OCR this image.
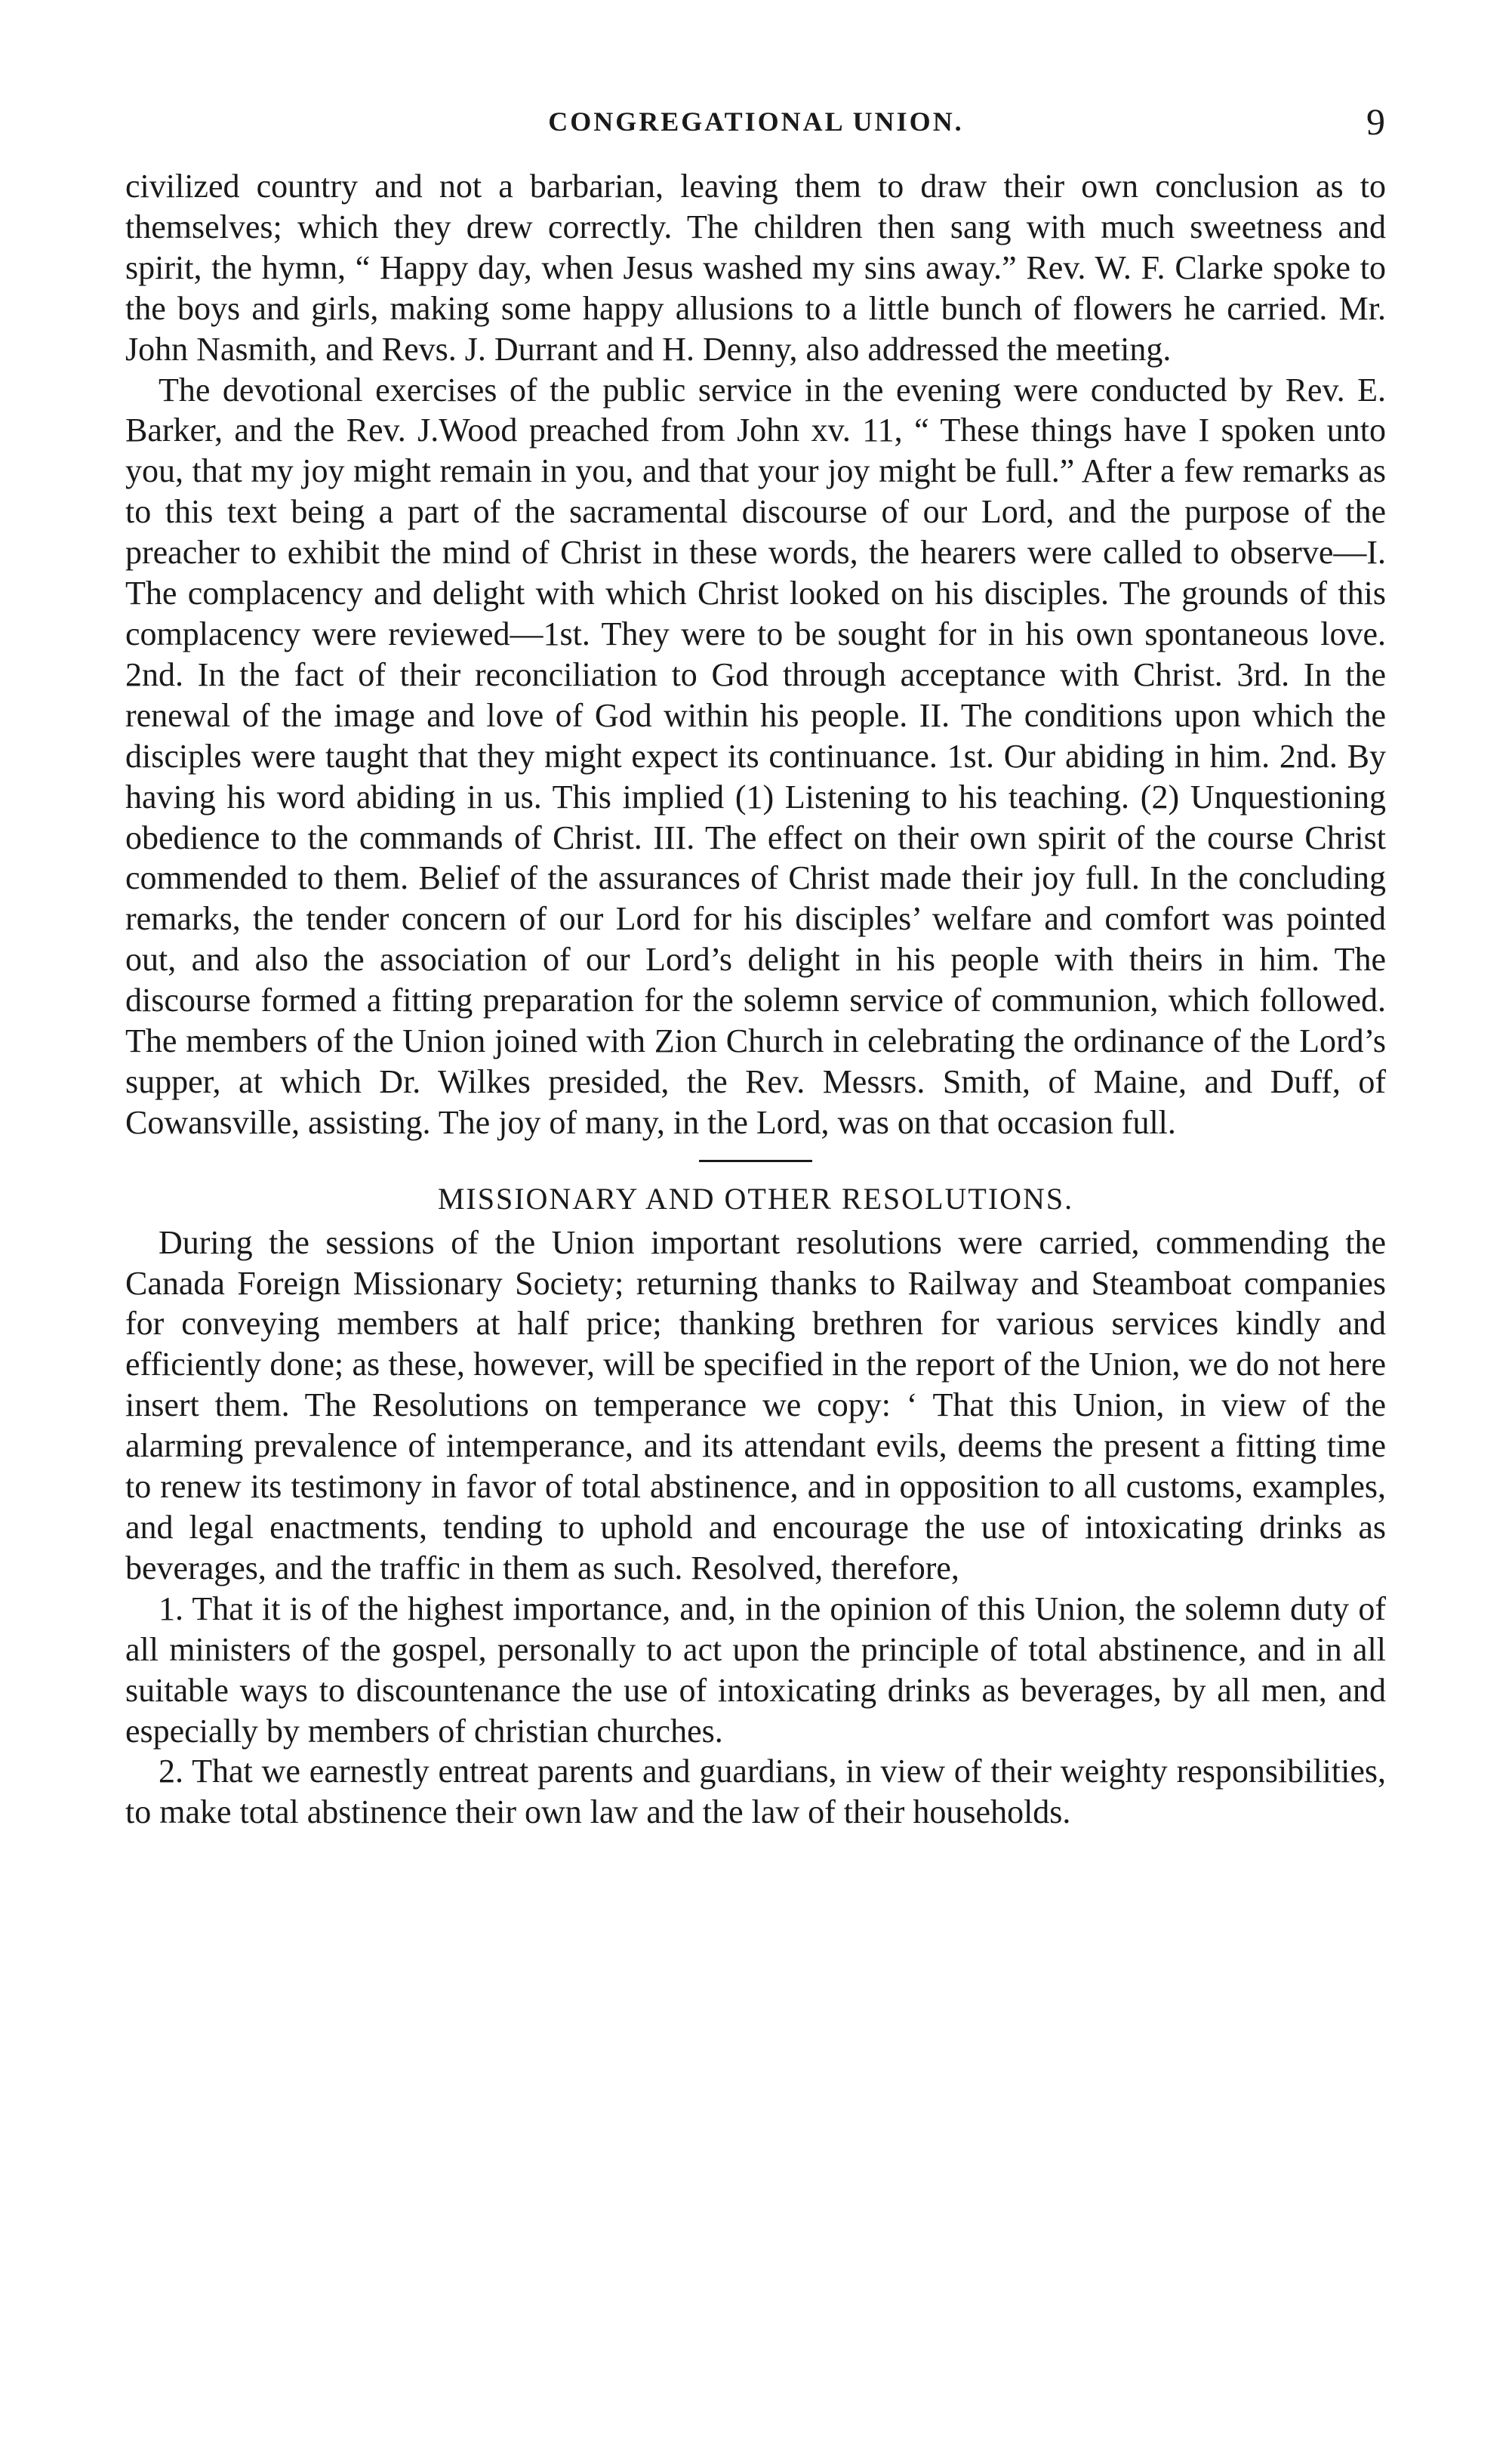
CONGREGATIONAL UNION.	9

civilized country and not a barbarian, leaving them to draw their own conclusion as to themselves; which they drew correctly. The children then sang with much sweetness and spirit, the hymn, “ Happy day, when Jesus washed my sins away.” Rev. W. F. Clarke spoke to the boys and girls, making some happy allusions to a little bunch of flowers he carried. Mr. John Nasmith, and Revs. J. Durrant and H. Denny, also addressed the meeting.

The devotional exercises of the public service in the evening were conducted by Rev. E. Barker, and the Rev. J.Wood preached from John xv. 11, “ These things have I spoken unto you, that my joy might remain in you, and that your joy might be full.” After a few remarks as to this text being a part of the sacramental discourse of our Lord, and the purpose of the preacher to exhibit the mind of Christ in these words, the hearers were called to observe—I. The complacency and delight with which Christ looked on his disciples. The grounds of this complacency were reviewed—1st. They were to be sought for in his own spontaneous love. 2nd. In the fact of their reconciliation to God through acceptance with Christ. 3rd. In the renewal of the image and love of God within his people. II. The conditions upon which the disciples were taught that they might expect its continuance. 1st. Our abiding in him. 2nd. By having his word abiding in us. This implied (1) Listening to his teaching. (2) Unquestioning obedience to the commands of Christ. III. The effect on their own spirit of the course Christ commended to them. Belief of the assurances of Christ made their joy full. In the concluding remarks, the tender concern of our Lord for his disciples’ welfare and comfort was pointed out, and also the association of our Lord’s delight in his people with theirs in him. The discourse formed a fitting preparation for the solemn service of communion, which followed. The members of the Union joined with Zion Church in celebrating the ordinance of the Lord’s supper, at which Dr. Wilkes presided, the Rev. Messrs. Smith, of Maine, and Duff, of Cowansville, assisting. The joy of many, in the Lord, was on that occasion full.

MISSIONARY AND OTHER RESOLUTIONS.

During the sessions of the Union important resolutions were carried, commending the Canada Foreign Missionary Society; returning thanks to Railway and Steamboat companies for conveying members at half price; thanking brethren for various services kindly and efficiently done; as these, however, will be specified in the report of the Union, we do not here insert them. The Resolutions on temperance we copy: ‘ That this Union, in view of the alarming prevalence of intemperance, and its attendant evils, deems the present a fitting time to renew its testimony in favor of total abstinence, and in opposition to all customs, examples, and legal enactments, tending to uphold and encourage the use of intoxicating drinks as beverages, and the traffic in them as such. Resolved, therefore,

1. That it is of the highest importance, and, in the opinion of this Union, the solemn duty of all ministers of the gospel, personally to act upon the principle of total abstinence, and in all suitable ways to discountenance the use of intoxicating drinks as beverages, by all men, and especially by members of christian churches.

2. That we earnestly entreat parents and guardians, in view of their weighty responsibilities, to make total abstinence their own law and the law of their households.
